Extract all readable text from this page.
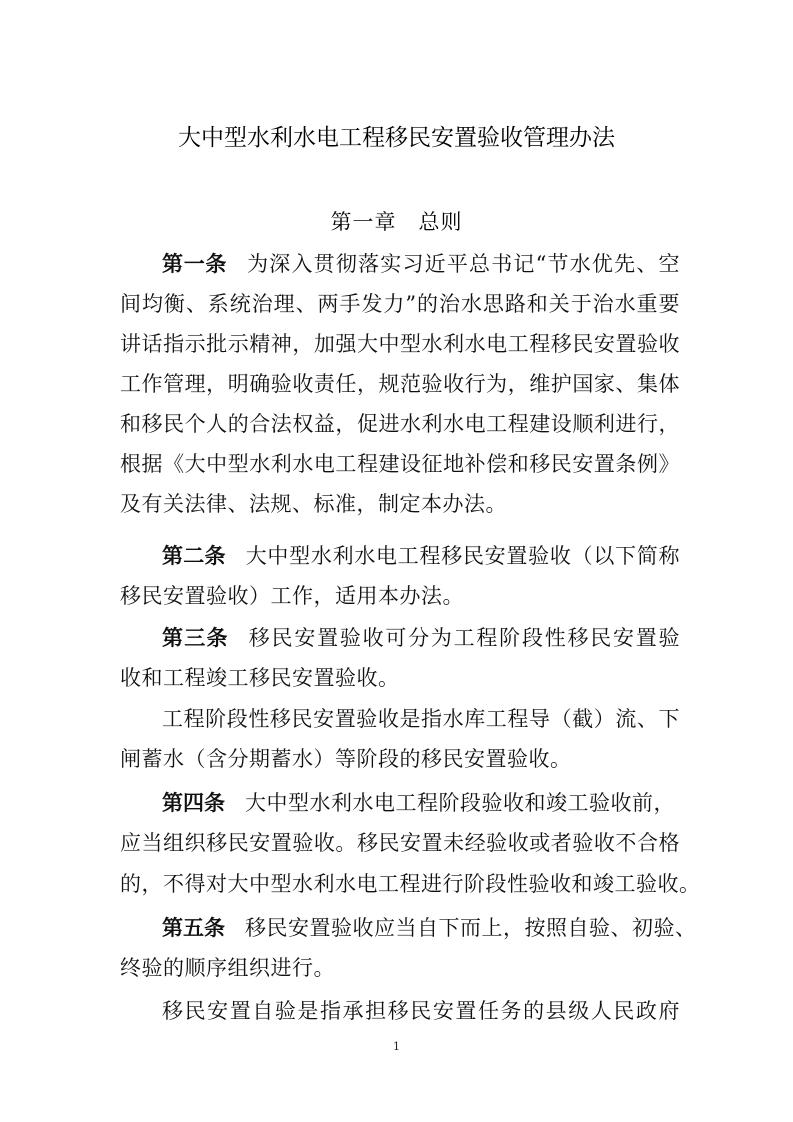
大中型水利水电工程移民安置验收管理办法
第一章　总则
第一条 为深入贯彻落实习近平总书记“节水优先、空
间均衡、系统治理、两手发力”的治水思路和关于治水重要
讲话指示批示精神，加强大中型水利水电工程移民安置验收
工作管理，明确验收责任，规范验收行为，维护国家、集体
和移民个人的合法权益，促进水利水电工程建设顺利进行，
根据《大中型水利水电工程建设征地补偿和移民安置条例》
及有关法律、法规、标准，制定本办法。
第二条 大中型水利水电工程移民安置验收（以下简称
移民安置验收）工作，适用本办法。
第三条 移民安置验收可分为工程阶段性移民安置验
收和工程竣工移民安置验收。
工程阶段性移民安置验收是指水库工程导（截）流、下
闸蓄水（含分期蓄水）等阶段的移民安置验收。
第四条 大中型水利水电工程阶段验收和竣工验收前，
应当组织移民安置验收。移民安置未经验收或者验收不合格
的，不得对大中型水利水电工程进行阶段性验收和竣工验收。
第五条 移民安置验收应当自下而上，按照自验、初验、
终验的顺序组织进行。
移民安置自验是指承担移民安置任务的县级人民政府
1
